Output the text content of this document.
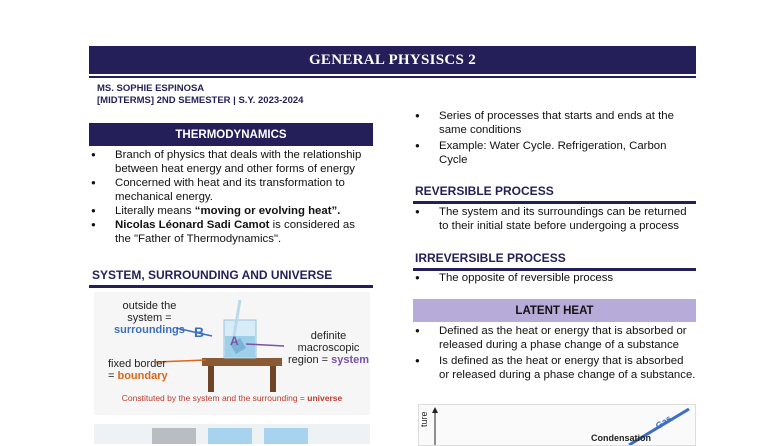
GENERAL PHYSISCS 2
MS. SOPHIE ESPINOSA
[MIDTERMS] 2ND SEMESTER | S.Y. 2023-2024
THERMODYNAMICS
● Branch of physics that deals with the relationship between heat energy and other forms of energy
● Concerned with heat and its transformation to mechanical energy.
● Literally means “moving or evolving heat”.
● Nicolas Léonard Sadi Camot is considered as the "Father of Thermodynamics".
SYSTEM, SURROUNDING AND UNIVERSE
outside the
system =
surroundings B
A	definite
macroscopic
region = system
fixed border
= boundary
Constituted by the system and the surrounding = universe
● Series of processes that starts and ends at the same conditions
● Example: Water Cycle. Refrigeration, Carbon Cycle
REVERSIBLE PROCESS
● The system and its surroundings can be returned to their initial state before undergoing a process
IRREVERSIBLE PROCESS
● The opposite of reversible process
LATENT HEAT
● Defined as the heat or energy that is absorbed or released during a phase change of a substance
● Is defined as the heat or energy that is absorbed or released during a phase change of a substance.
ture
Condensation
Gas
